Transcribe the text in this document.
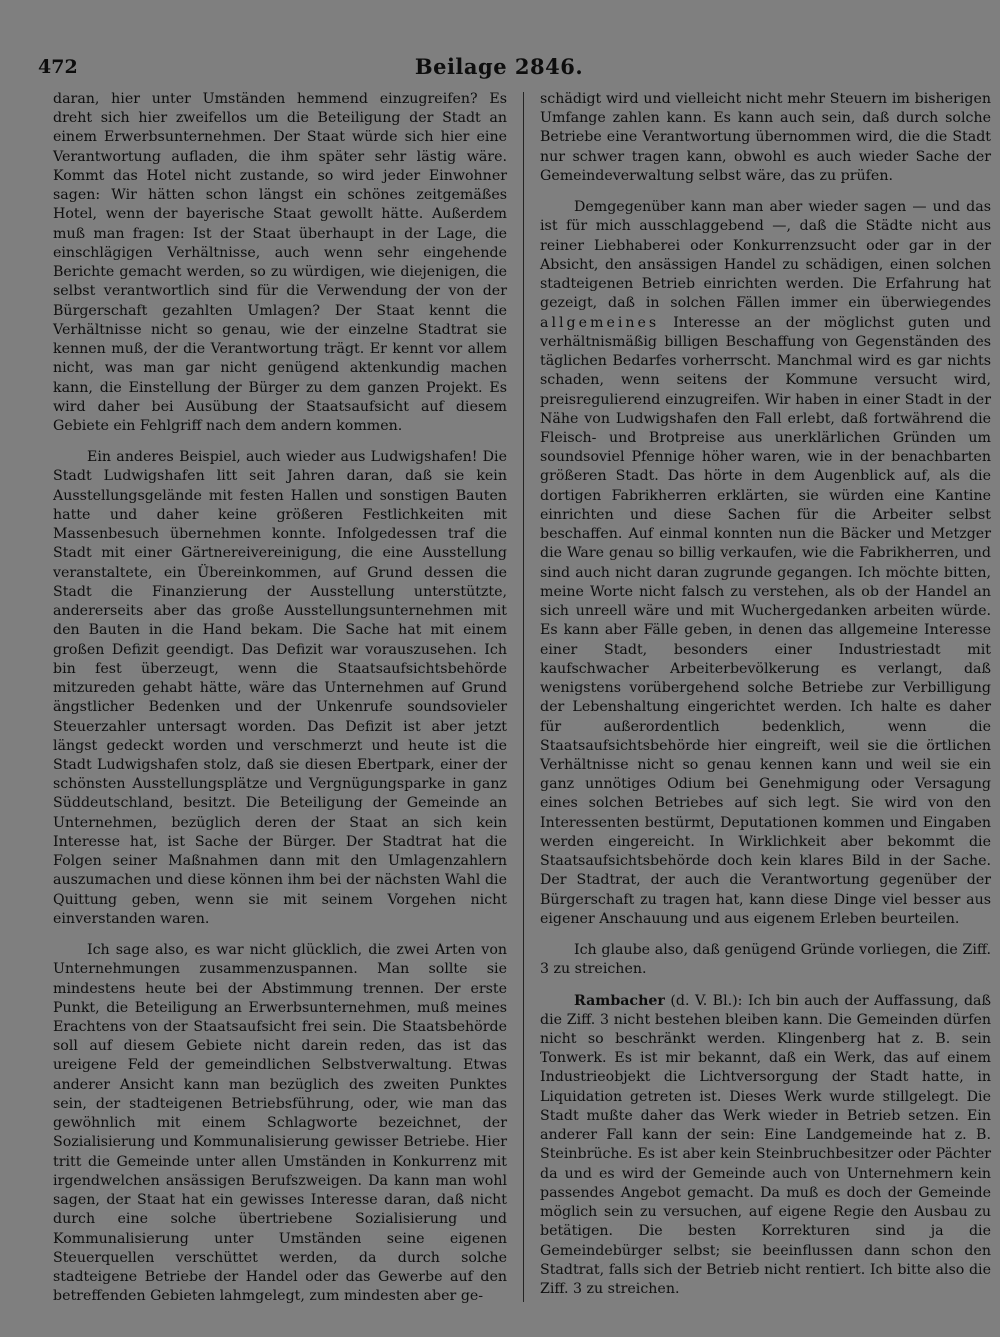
472	Beilage 2846.

daran, hier unter Umständen hemmend einzugreifen? Es dreht sich hier zweifellos um die Beteiligung der Stadt an einem Erwerbsunternehmen. Der Staat würde sich hier eine Verantwortung aufladen, die ihm später sehr lästig wäre. Kommt das Hotel nicht zustande, so wird jeder Einwohner sagen: Wir hätten schon längst ein schönes zeitgemäßes Hotel, wenn der bayerische Staat gewollt hätte. Außerdem muß man fragen: Ist der Staat überhaupt in der Lage, die einschlägigen Verhältnisse, auch wenn sehr eingehende Berichte gemacht werden, so zu würdigen, wie diejenigen, die selbst verantwortlich sind für die Verwendung der von der Bürgerschaft gezahlten Umlagen? Der Staat kennt die Verhältnisse nicht so genau, wie der einzelne Stadtrat sie kennen muß, der die Verantwortung trägt. Er kennt vor allem nicht, was man gar nicht genügend aktenkundig machen kann, die Einstellung der Bürger zu dem ganzen Projekt. Es wird daher bei Ausübung der Staatsaufsicht auf diesem Gebiete ein Fehlgriff nach dem andern kommen.

Ein anderes Beispiel, auch wieder aus Ludwigshafen! Die Stadt Ludwigshafen litt seit Jahren daran, daß sie kein Ausstellungsgelände mit festen Hallen und sonstigen Bauten hatte und daher keine größeren Festlichkeiten mit Massenbesuch übernehmen konnte. Infolgedessen traf die Stadt mit einer Gärtnereivereinigung, die eine Ausstellung veranstaltete, ein Übereinkommen, auf Grund dessen die Stadt die Finanzierung der Ausstellung unterstützte, andererseits aber das große Ausstellungsunternehmen mit den Bauten in die Hand bekam. Die Sache hat mit einem großen Defizit geendigt. Das Defizit war vorauszusehen. Ich bin fest überzeugt, wenn die Staatsaufsichtsbehörde mitzureden gehabt hätte, wäre das Unternehmen auf Grund ängstlicher Bedenken und der Unkenrufe soundsovieler Steuerzahler untersagt worden. Das Defizit ist aber jetzt längst gedeckt worden und verschmerzt und heute ist die Stadt Ludwigshafen stolz, daß sie diesen Ebertpark, einer der schönsten Ausstellungsplätze und Vergnügungsparke in ganz Süddeutschland, besitzt. Die Beteiligung der Gemeinde an Unternehmen, bezüglich deren der Staat an sich kein Interesse hat, ist Sache der Bürger. Der Stadtrat hat die Folgen seiner Maßnahmen dann mit den Umlagenzahlern auszumachen und diese können ihm bei der nächsten Wahl die Quittung geben, wenn sie mit seinem Vorgehen nicht einverstanden waren.

Ich sage also, es war nicht glücklich, die zwei Arten von Unternehmungen zusammenzuspannen. Man sollte sie mindestens heute bei der Abstimmung trennen. Der erste Punkt, die Beteiligung an Erwerbsunternehmen, muß meines Erachtens von der Staatsaufsicht frei sein. Die Staatsbehörde soll auf diesem Gebiete nicht darein reden, das ist das ureigene Feld der gemeindlichen Selbstverwaltung. Etwas anderer Ansicht kann man bezüglich des zweiten Punktes sein, der stadteigenen Betriebsführung, oder, wie man das gewöhnlich mit einem Schlagworte bezeichnet, der Sozialisierung und Kommunalisierung gewisser Betriebe. Hier tritt die Gemeinde unter allen Umständen in Konkurrenz mit irgendwelchen ansässigen Berufszweigen. Da kann man wohl sagen, der Staat hat ein gewisses Interesse daran, daß nicht durch eine solche übertriebene Sozialisierung und Kommunalisierung unter Umständen seine eigenen Steuerquellen verschüttet werden, da durch solche stadteigene Betriebe der Handel oder das Gewerbe auf den betreffenden Gebieten lahmgelegt, zum mindesten aber ge-

schädigt wird und vielleicht nicht mehr Steuern im bisherigen Umfange zahlen kann. Es kann auch sein, daß durch solche Betriebe eine Verantwortung übernommen wird, die die Stadt nur schwer tragen kann, obwohl es auch wieder Sache der Gemeindeverwaltung selbst wäre, das zu prüfen.

Demgegenüber kann man aber wieder sagen — und das ist für mich ausschlaggebend —, daß die Städte nicht aus reiner Liebhaberei oder Konkurrenzsucht oder gar in der Absicht, den ansässigen Handel zu schädigen, einen solchen stadteigenen Betrieb einrichten werden. Die Erfahrung hat gezeigt, daß in solchen Fällen immer ein überwiegendes allgemeines Interesse an der möglichst guten und verhältnismäßig billigen Beschaffung von Gegenständen des täglichen Bedarfes vorherrscht. Manchmal wird es gar nichts schaden, wenn seitens der Kommune versucht wird, preisregulierend einzugreifen. Wir haben in einer Stadt in der Nähe von Ludwigshafen den Fall erlebt, daß fortwährend die Fleisch- und Brotpreise aus unerklärlichen Gründen um soundsoviel Pfennige höher waren, wie in der benachbarten größeren Stadt. Das hörte in dem Augenblick auf, als die dortigen Fabrikherren erklärten, sie würden eine Kantine einrichten und diese Sachen für die Arbeiter selbst beschaffen. Auf einmal konnten nun die Bäcker und Metzger die Ware genau so billig verkaufen, wie die Fabrikherren, und sind auch nicht daran zugrunde gegangen. Ich möchte bitten, meine Worte nicht falsch zu verstehen, als ob der Handel an sich unreell wäre und mit Wuchergedanken arbeiten würde. Es kann aber Fälle geben, in denen das allgemeine Interesse einer Stadt, besonders einer Industriestadt mit kaufschwacher Arbeiterbevölkerung es verlangt, daß wenigstens vorübergehend solche Betriebe zur Verbilligung der Lebenshaltung eingerichtet werden. Ich halte es daher für außerordentlich bedenklich, wenn die Staatsaufsichtsbehörde hier eingreift, weil sie die örtlichen Verhältnisse nicht so genau kennen kann und weil sie ein ganz unnötiges Odium bei Genehmigung oder Versagung eines solchen Betriebes auf sich legt. Sie wird von den Interessenten bestürmt, Deputationen kommen und Eingaben werden eingereicht. In Wirklichkeit aber bekommt die Staatsaufsichtsbehörde doch kein klares Bild in der Sache. Der Stadtrat, der auch die Verantwortung gegenüber der Bürgerschaft zu tragen hat, kann diese Dinge viel besser aus eigener Anschauung und aus eigenem Erleben beurteilen.

Ich glaube also, daß genügend Gründe vorliegen, die Ziff. 3 zu streichen.

Rambacher (d. V. Bl.): Ich bin auch der Auffassung, daß die Ziff. 3 nicht bestehen bleiben kann. Die Gemeinden dürfen nicht so beschränkt werden. Klingenberg hat z. B. sein Tonwerk. Es ist mir bekannt, daß ein Werk, das auf einem Industrieobjekt die Lichtversorgung der Stadt hatte, in Liquidation getreten ist. Dieses Werk wurde stillgelegt. Die Stadt mußte daher das Werk wieder in Betrieb setzen. Ein anderer Fall kann der sein: Eine Landgemeinde hat z. B. Steinbrüche. Es ist aber kein Steinbruchbesitzer oder Pächter da und es wird der Gemeinde auch von Unternehmern kein passendes Angebot gemacht. Da muß es doch der Gemeinde möglich sein zu versuchen, auf eigene Regie den Ausbau zu betätigen. Die besten Korrekturen sind ja die Gemeindebürger selbst; sie beeinflussen dann schon den Stadtrat, falls sich der Betrieb nicht rentiert. Ich bitte also die Ziff. 3 zu streichen.
